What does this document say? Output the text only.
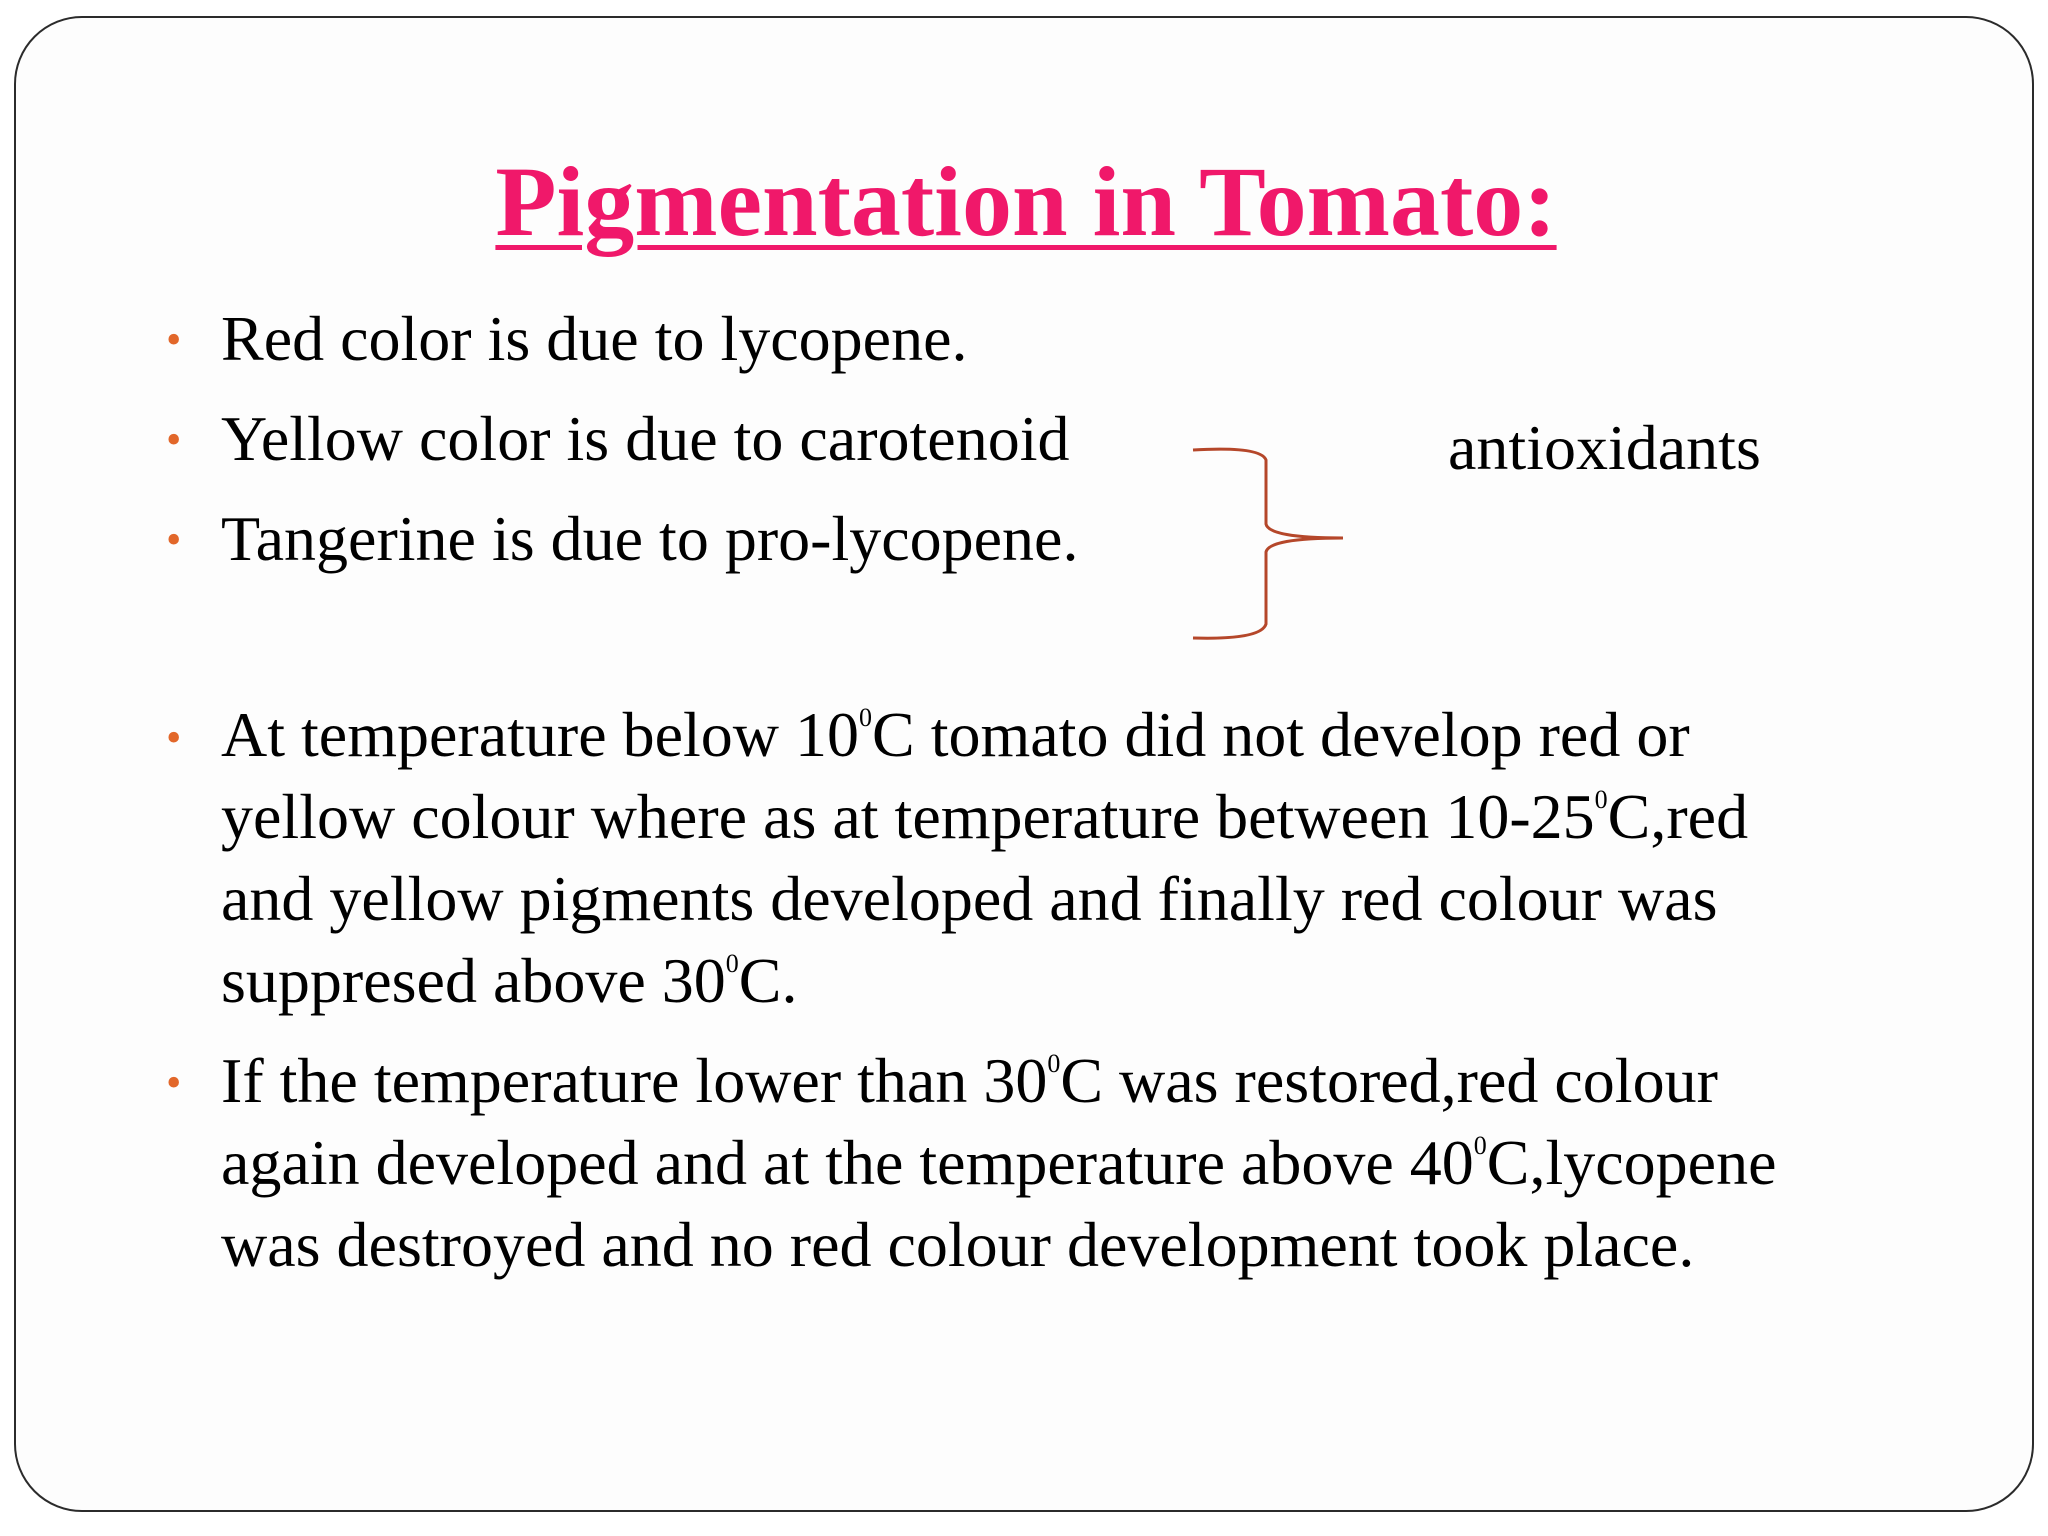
Pigmentation in Tomato:
• Red color is due to lycopene.
• Yellow color is due to carotenoid
• Tangerine is due to pro-lycopene.
antioxidants
• At temperature below $10^0C$ tomato did not develop red or
yellow colour where as at temperature between $10-25^0C,red$
and yellow pigments developed and finally red colour was
suppresed above $30^0C$.
• If the temperature lower than $30^0C$ was restored,red colour
again developed and at the temperature above $40^0C,lycopene$
was destroyed and no red colour development took place.
